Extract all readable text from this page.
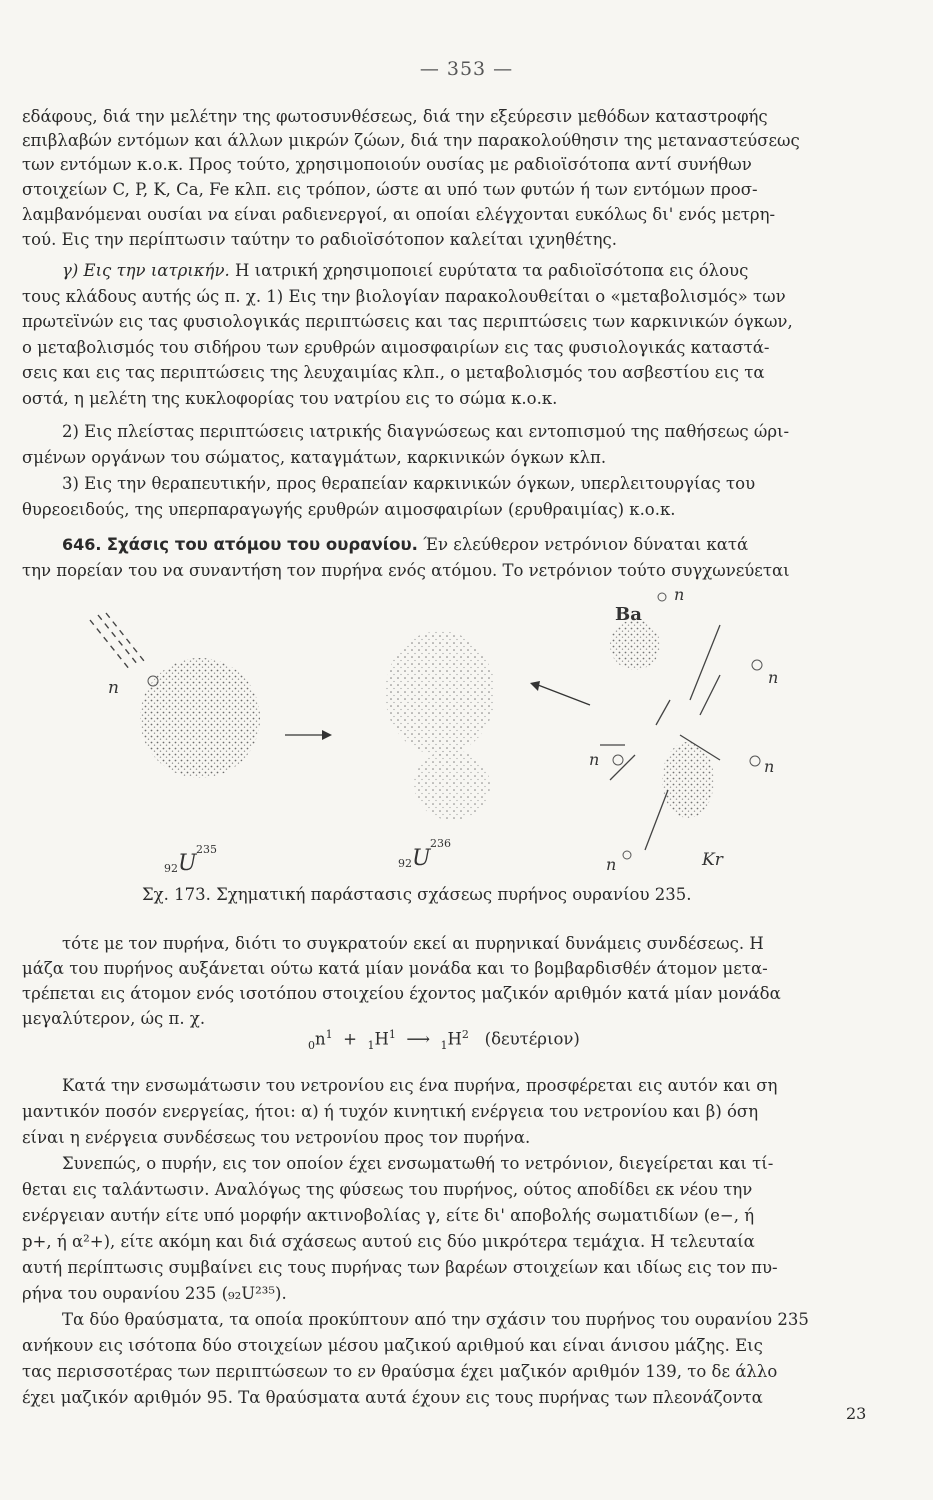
— 353 —
εδάφους, διά την μελέτην της φωτοσυνθέσεως, διά την εξεύρεσιν μεθόδων καταστροφής
επιβλαβών εντόμων και άλλων μικρών ζώων, διά την παρακολούθησιν της μεταναστεύσεως
των εντόμων κ.ο.κ. Προς τούτο, χρησιμοποιούν ουσίας με ραδιοϊσότοπα αντί συνήθων
στοιχείων C, P, K, Ca, Fe κλπ. εις τρόπον, ώστε αι υπό των φυτών ή των εντόμων προσ-
λαμβανόμεναι ουσίαι να είναι ραδιενεργοί, αι οποίαι ελέγχονται ευκόλως δι' ενός μετρη-
τού. Εις την περίπτωσιν ταύτην το ραδιοϊσότοπον καλείται ιχνηθέτης.
γ) Εις την ιατρικήν. Η ιατρική χρησιμοποιεί ευρύτατα τα ραδιοϊσότοπα εις όλους
τους κλάδους αυτής ώς π. χ. 1) Εις την βιολογίαν παρακολουθείται ο «μεταβολισμός» των
πρωτεϊνών εις τας φυσιολογικάς περιπτώσεις και τας περιπτώσεις των καρκινικών όγκων,
ο μεταβολισμός του σιδήρου των ερυθρών αιμοσφαιρίων εις τας φυσιολογικάς καταστά-
σεις και εις τας περιπτώσεις της λευχαιμίας κλπ., ο μεταβολισμός του ασβεστίου εις τα
οστά, η μελέτη της κυκλοφορίας του νατρίου εις το σώμα κ.ο.κ.
2) Εις πλείστας περιπτώσεις ιατρικής διαγνώσεως και εντοπισμού της παθήσεως ώρι-
σμένων οργάνων του σώματος, καταγμάτων, καρκινικών όγκων κλπ.
3) Εις την θεραπευτικήν, προς θεραπείαν καρκινικών όγκων, υπερλειτουργίας του
θυρεοειδούς, της υπερπαραγωγής ερυθρών αιμοσφαιρίων (ερυθραιμίας) κ.ο.κ.
646. Σχάσις του ατόμου του ουρανίου. Έν ελεύθερον νετρόνιον δύναται κατά
την πορείαν του να συναντήση τον πυρήνα ενός ατόμου. Το νετρόνιον τούτο συγχωνεύεται
n
Ba
Kr
n
n
n	n
n
92 U
235
92 U
236
Σχ. 173. Σχηματική παράστασις σχάσεως πυρήνος ουρανίου 235.
τότε με τον πυρήνα, διότι το συγκρατούν εκεί αι πυρηνικαί δυνάμεις συνδέσεως. Η
μάζα του πυρήνος αυξάνεται ούτω κατά μίαν μονάδα και το βομβαρδισθέν άτομον μετα-
τρέπεται εις άτομον ενός ισοτόπου στοιχείου έχοντος μαζικόν αριθμόν κατά μίαν μονάδα
μεγαλύτερον, ώς π. χ.
$_0n^1 + _1H^1$ ⟶ $_1H^2$ (δευτέριον)
Κατά την ενσωμάτωσιν του νετρονίου εις ένα πυρήνα, προσφέρεται εις αυτόν και ση
μαντικόν ποσόν ενεργείας, ήτοι: α) ή τυχόν κινητική ενέργεια του νετρονίου και β) όση
είναι η ενέργεια συνδέσεως του νετρονίου προς τον πυρήνα.
Συνεπώς, ο πυρήν, εις τον οποίον έχει ενσωματωθή το νετρόνιον, διεγείρεται και τί-
θεται εις ταλάντωσιν. Αναλόγως της φύσεως του πυρήνος, ούτος αποδίδει εκ νέου την
ενέργειαν αυτήν είτε υπό μορφήν ακτινοβολίας γ, είτε δι' αποβολής σωματιδίων (e−, ή
p+, ή α²+), είτε ακόμη και διά σχάσεως αυτού εις δύο μικρότερα τεμάχια. Η τελευταία
αυτή περίπτωσις συμβαίνει εις τους πυρήνας των βαρέων στοιχείων και ιδίως εις τον πυ-
ρήνα του ουρανίου 235 (₉₂U²³⁵).
Τα δύο θραύσματα, τα οποία προκύπτουν από την σχάσιν του πυρήνος του ουρανίου 235
ανήκουν εις ισότοπα δύο στοιχείων μέσου μαζικού αριθμού και είναι άνισου μάζης. Εις
τας περισσοτέρας των περιπτώσεων το εν θραύσμα έχει μαζικόν αριθμόν 139, το δε άλλο
έχει μαζικόν αριθμόν 95. Τα θραύσματα αυτά έχουν εις τους πυρήνας των πλεονάζοντα
23
